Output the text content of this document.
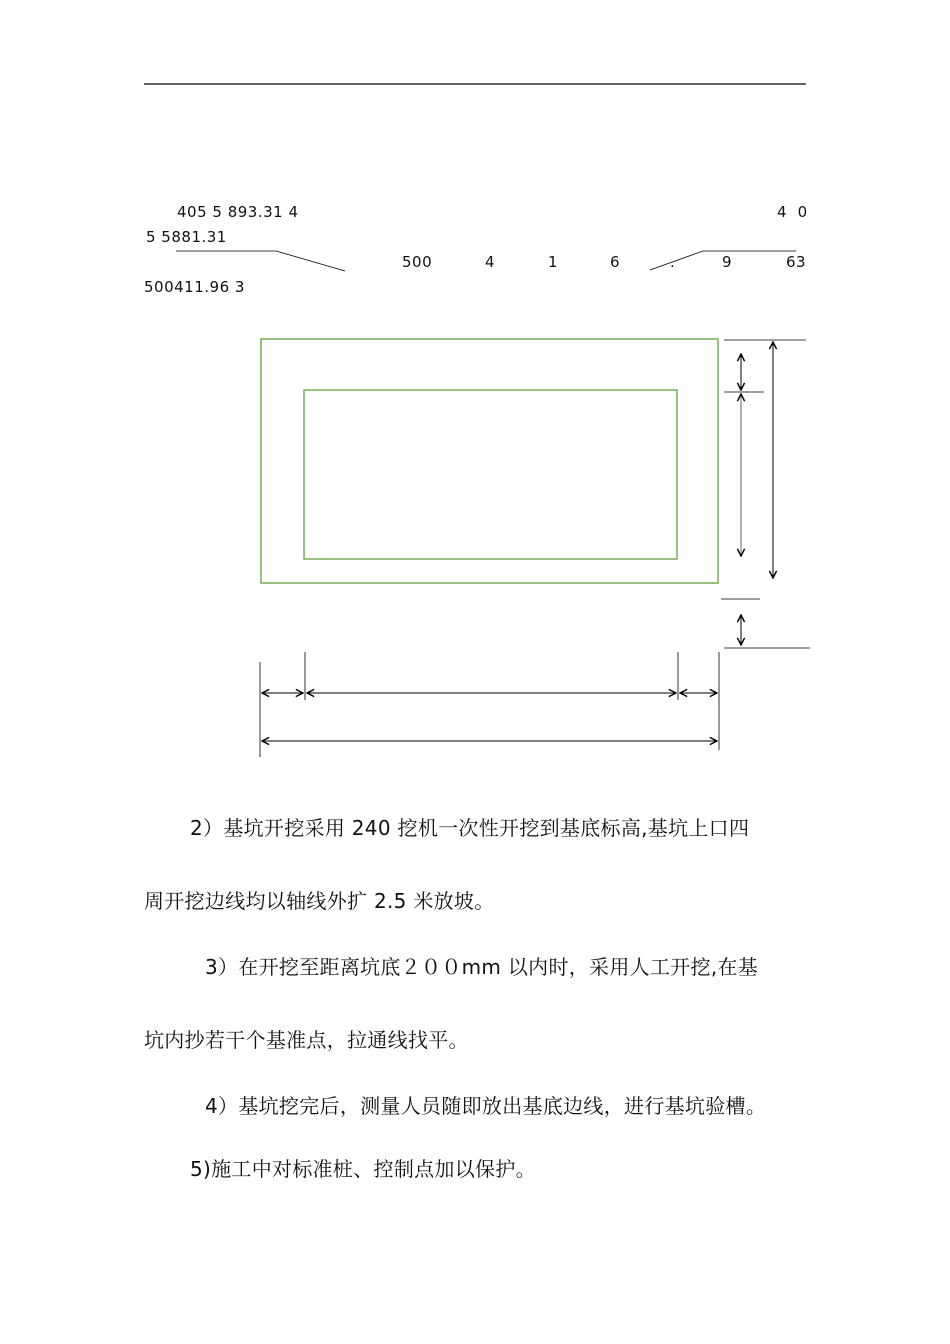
405 5 893.31 4
5 5881.31
4  0
500	4	1	6	.	9	63
500411.96 3
2）基坑开挖采用 240 挖机一次性开挖到基底标高,基坑上口四
周开挖边线均以轴线外扩 2.5 米放坡。
3）在开挖至距离坑底２００mm 以内时，采用人工开挖,在基
坑内抄若干个基准点，拉通线找平。
4）基坑挖完后，测量人员随即放出基底边线，进行基坑验槽。
5)施工中对标准桩、控制点加以保护。
